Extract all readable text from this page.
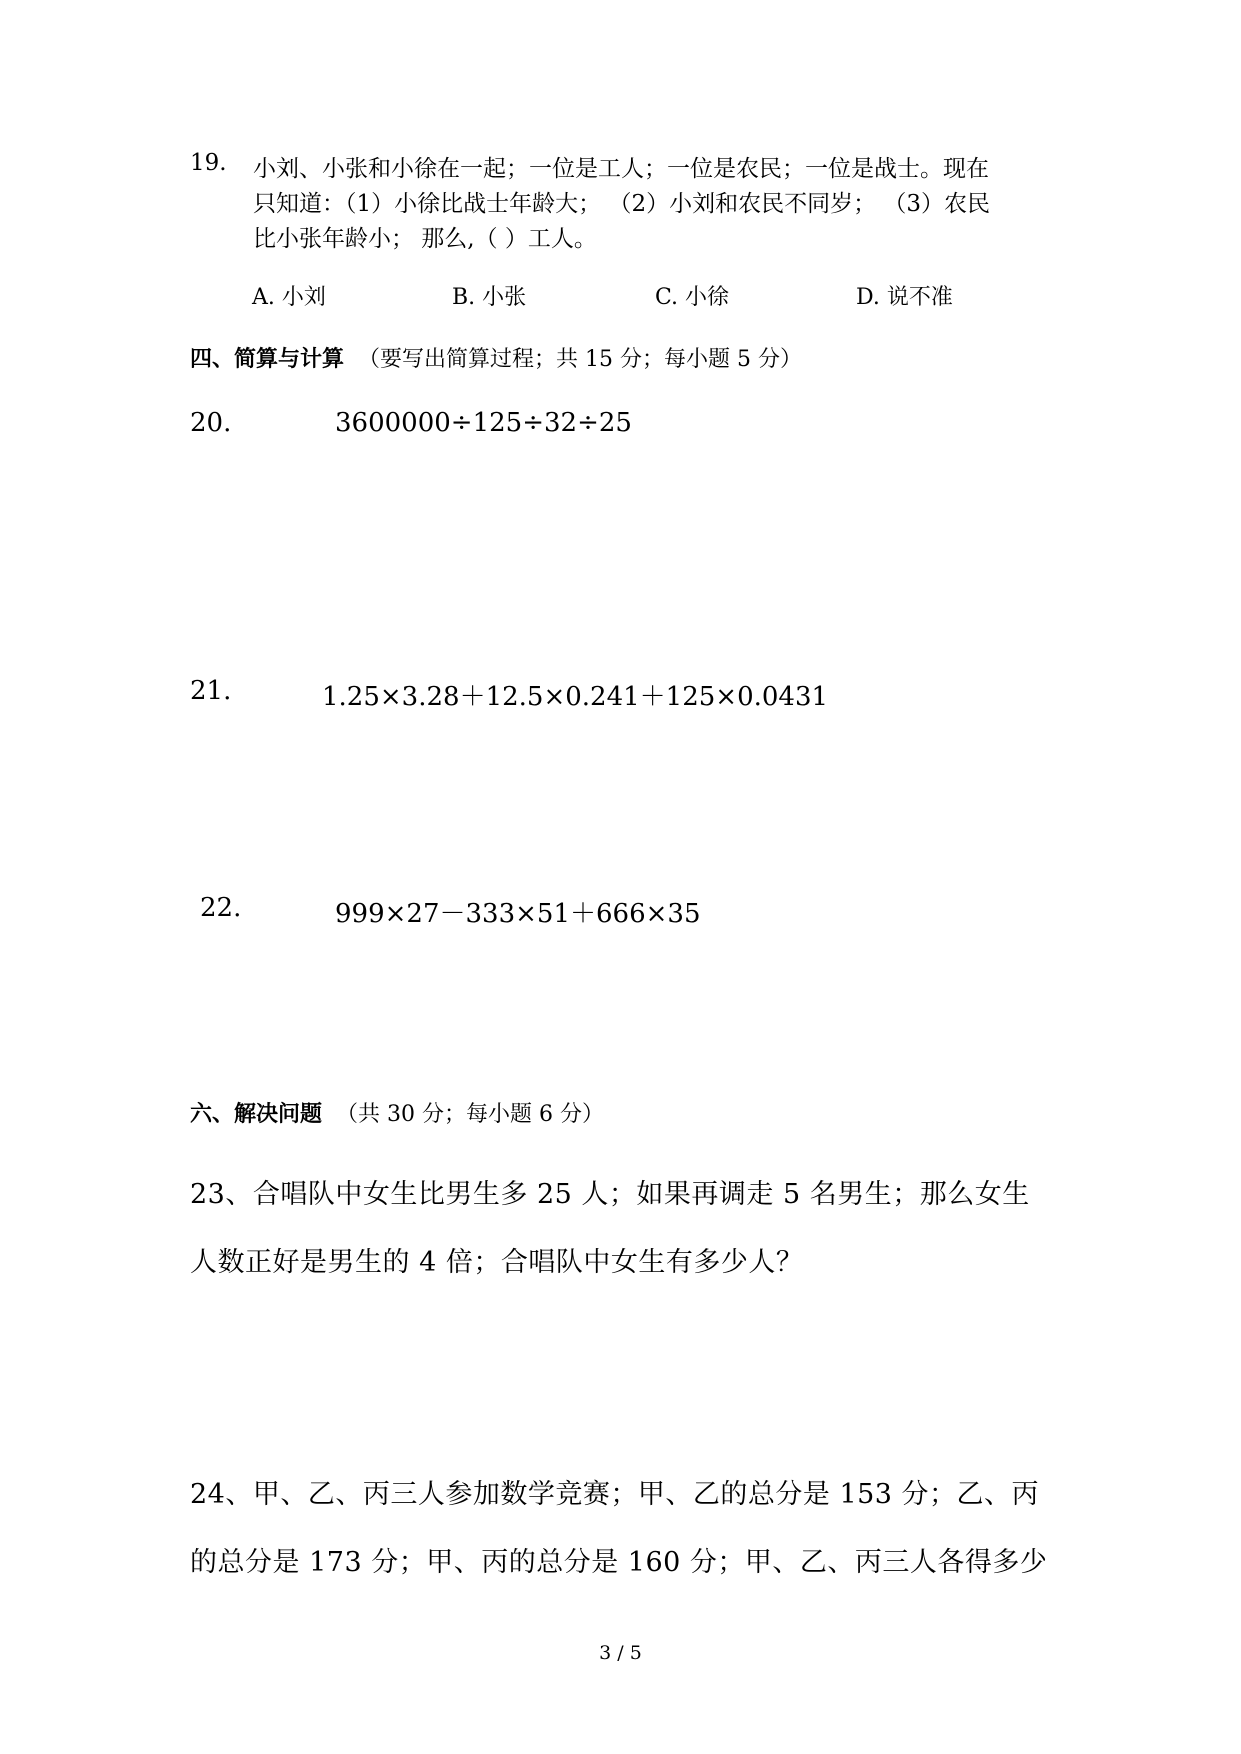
19. 小刘、小张和小徐在一起；一位是工人；一位是农民；一位是战士。现在
只知道：（1）小徐比战士年龄大； （2）小刘和农民不同岁； （3）农民
比小张年龄小； 那么,（ ）工人。
A. 小刘	B. 小张	C. 小徐	D. 说不准
四、简算与计算 （要写出简算过程；共 15 分；每小题 5 分）
20.	3600000÷125÷32÷25
21.	1.25×3.28＋12.5×0.241＋125×0.0431
22.	999×27－333×51＋666×35
六、解决问题 （共 30 分；每小题 6 分）
23、合唱队中女生比男生多 25 人；如果再调走 5 名男生；那么女生
人数正好是男生的 4 倍；合唱队中女生有多少人？
24、甲、乙、丙三人参加数学竞赛；甲、乙的总分是 153 分；乙、丙
的总分是 173 分；甲、丙的总分是 160 分；甲、乙、丙三人各得多少
3 / 5
